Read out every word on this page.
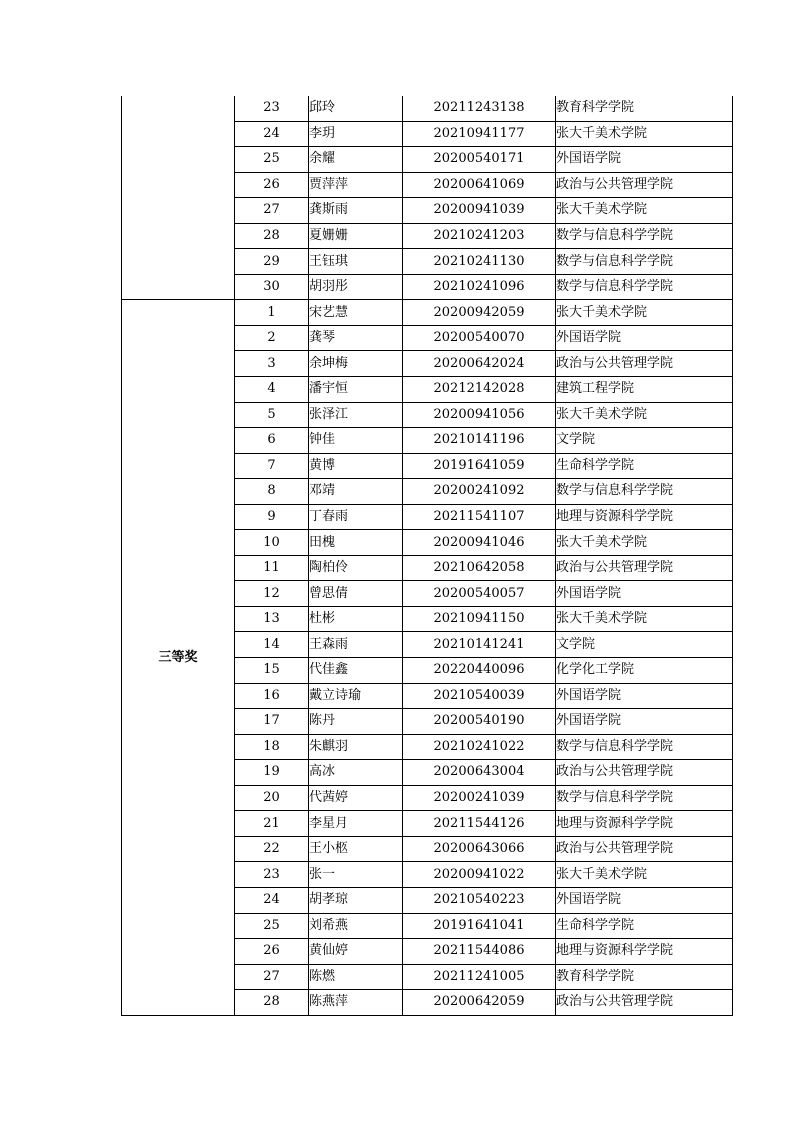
	23	邱玲	20211243138	教育科学学院
	24	李玥	20210941177	张大千美术学院
	25	余耀	20200540171	外国语学院
	26	贾萍萍	20200641069	政治与公共管理学院
	27	龚斯雨	20200941039	张大千美术学院
	28	夏姗姗	20210241203	数学与信息科学学院
	29	王钰琪	20210241130	数学与信息科学学院
	30	胡羽彤	20210241096	数学与信息科学学院
三等奖	1	宋艺慧	20200942059	张大千美术学院
	2	龚琴	20200540070	外国语学院
	3	余坤梅	20200642024	政治与公共管理学院
	4	潘宇恒	20212142028	建筑工程学院
	5	张泽江	20200941056	张大千美术学院
	6	钟佳	20210141196	文学院
	7	黄博	20191641059	生命科学学院
	8	邓靖	20200241092	数学与信息科学学院
	9	丁春雨	20211541107	地理与资源科学学院
	10	田槐	20200941046	张大千美术学院
	11	陶柏伶	20210642058	政治与公共管理学院
	12	曾思倩	20200540057	外国语学院
	13	杜彬	20210941150	张大千美术学院
	14	王森雨	20210141241	文学院
	15	代佳鑫	20220440096	化学化工学院
	16	戴立诗瑜	20210540039	外国语学院
	17	陈丹	20200540190	外国语学院
	18	朱麒羽	20210241022	数学与信息科学学院
	19	高冰	20200643004	政治与公共管理学院
	20	代茜婷	20200241039	数学与信息科学学院
	21	李星月	20211544126	地理与资源科学学院
	22	王小柩	20200643066	政治与公共管理学院
	23	张一	20200941022	张大千美术学院
	24	胡孝琼	20210540223	外国语学院
	25	刘希燕	20191641041	生命科学学院
	26	黄仙婷	20211544086	地理与资源科学学院
	27	陈燃	20211241005	教育科学学院
	28	陈燕萍	20200642059	政治与公共管理学院
